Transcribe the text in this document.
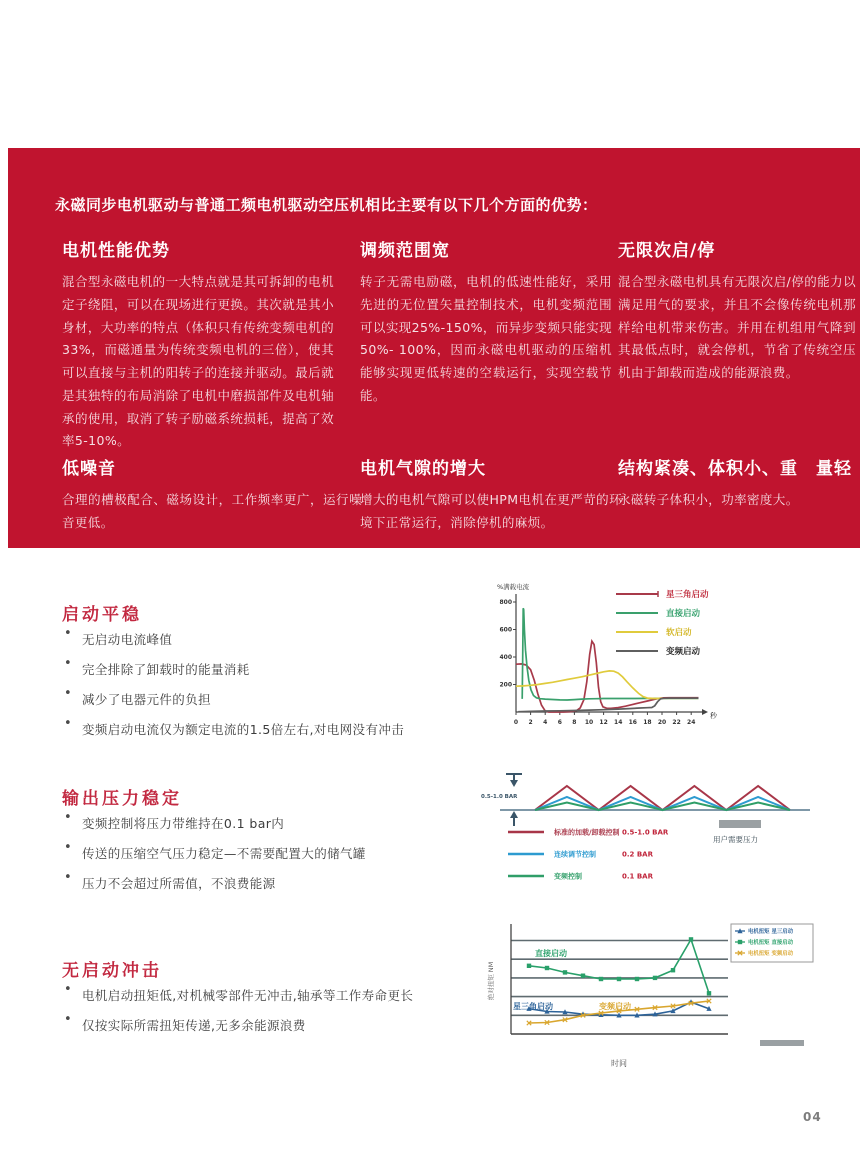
永磁同步电机驱动与普通工频电机驱动空压机相比主要有以下几个方面的优势：
电机性能优势

混合型永磁电机的一大特点就是其可拆卸的电机定子绕阻，可以在现场进行更换。其次就是其小身材，大功率的特点（体积只有传统变频电机的33%，而磁通量为传统变频电机的三倍），使其可以直接与主机的阳转子的连接并驱动。最后就是其独特的布局消除了电机中磨损部件及电机轴承的使用，取消了转子励磁系统损耗，提高了效率5-10%。

调频范围宽

转子无需电励磁，电机的低速性能好，采用先进的无位置矢量控制技术，电机变频范围可以实现25%-150%，而异步变频只能实现50%- 100%，因而永磁电机驱动的压缩机能够实现更低转速的空载运行，实现空载节能。

无限次启/停

混合型永磁电机具有无限次启/停的能力以满足用气的要求，并且不会像传统电机那样给电机带来伤害。并用在机组用气降到其最低点时，就会停机，节省了传统空压机由于卸载而造成的能源浪费。

低噪音

合理的槽极配合、磁场设计，工作频率更广，运行噪音更低。

电机气隙的增大

增大的电机气隙可以使HPM电机在更严苛的环境下正常运行，消除停机的麻烦。

结构紧凑、体积小、重　量轻

永磁转子体积小，功率密度大。

启动平稳
• 无启动电流峰值
• 完全排除了卸载时的能量消耗
• 减少了电器元件的负担
• 变频启动电流仅为额定电流的1.5倍左右,对电网没有冲击
%满载电流
200
400
600
800
0 2 4 6 8 10 12 14 16 18 20 22 24
秒
星三角启动
直接启动
软启动
变频启动
输出压力稳定
• 变频控制将压力带维持在0.1 bar内
• 传送的压缩空气压力稳定—不需要配置大的储气罐
• 压力不会超过所需值，不浪费能源
0.5-1.0 BAR
标准的加载/卸载控制 0.5-1.0 BAR
连续调节控制	0.2 BAR
变频控制	0.1 BAR
用户需要压力
无启动冲击
• 电机启动扭矩低,对机械零部件无冲击,轴承等工作寿命更长
• 仅按实际所需扭矩传递,无多余能源浪费
星三角启动
直接启动
变频启动
时间
绝对扭矩 NM
电机扭矩 星三启动
电机扭矩 直接启动
电机扭矩 变频启动
04
